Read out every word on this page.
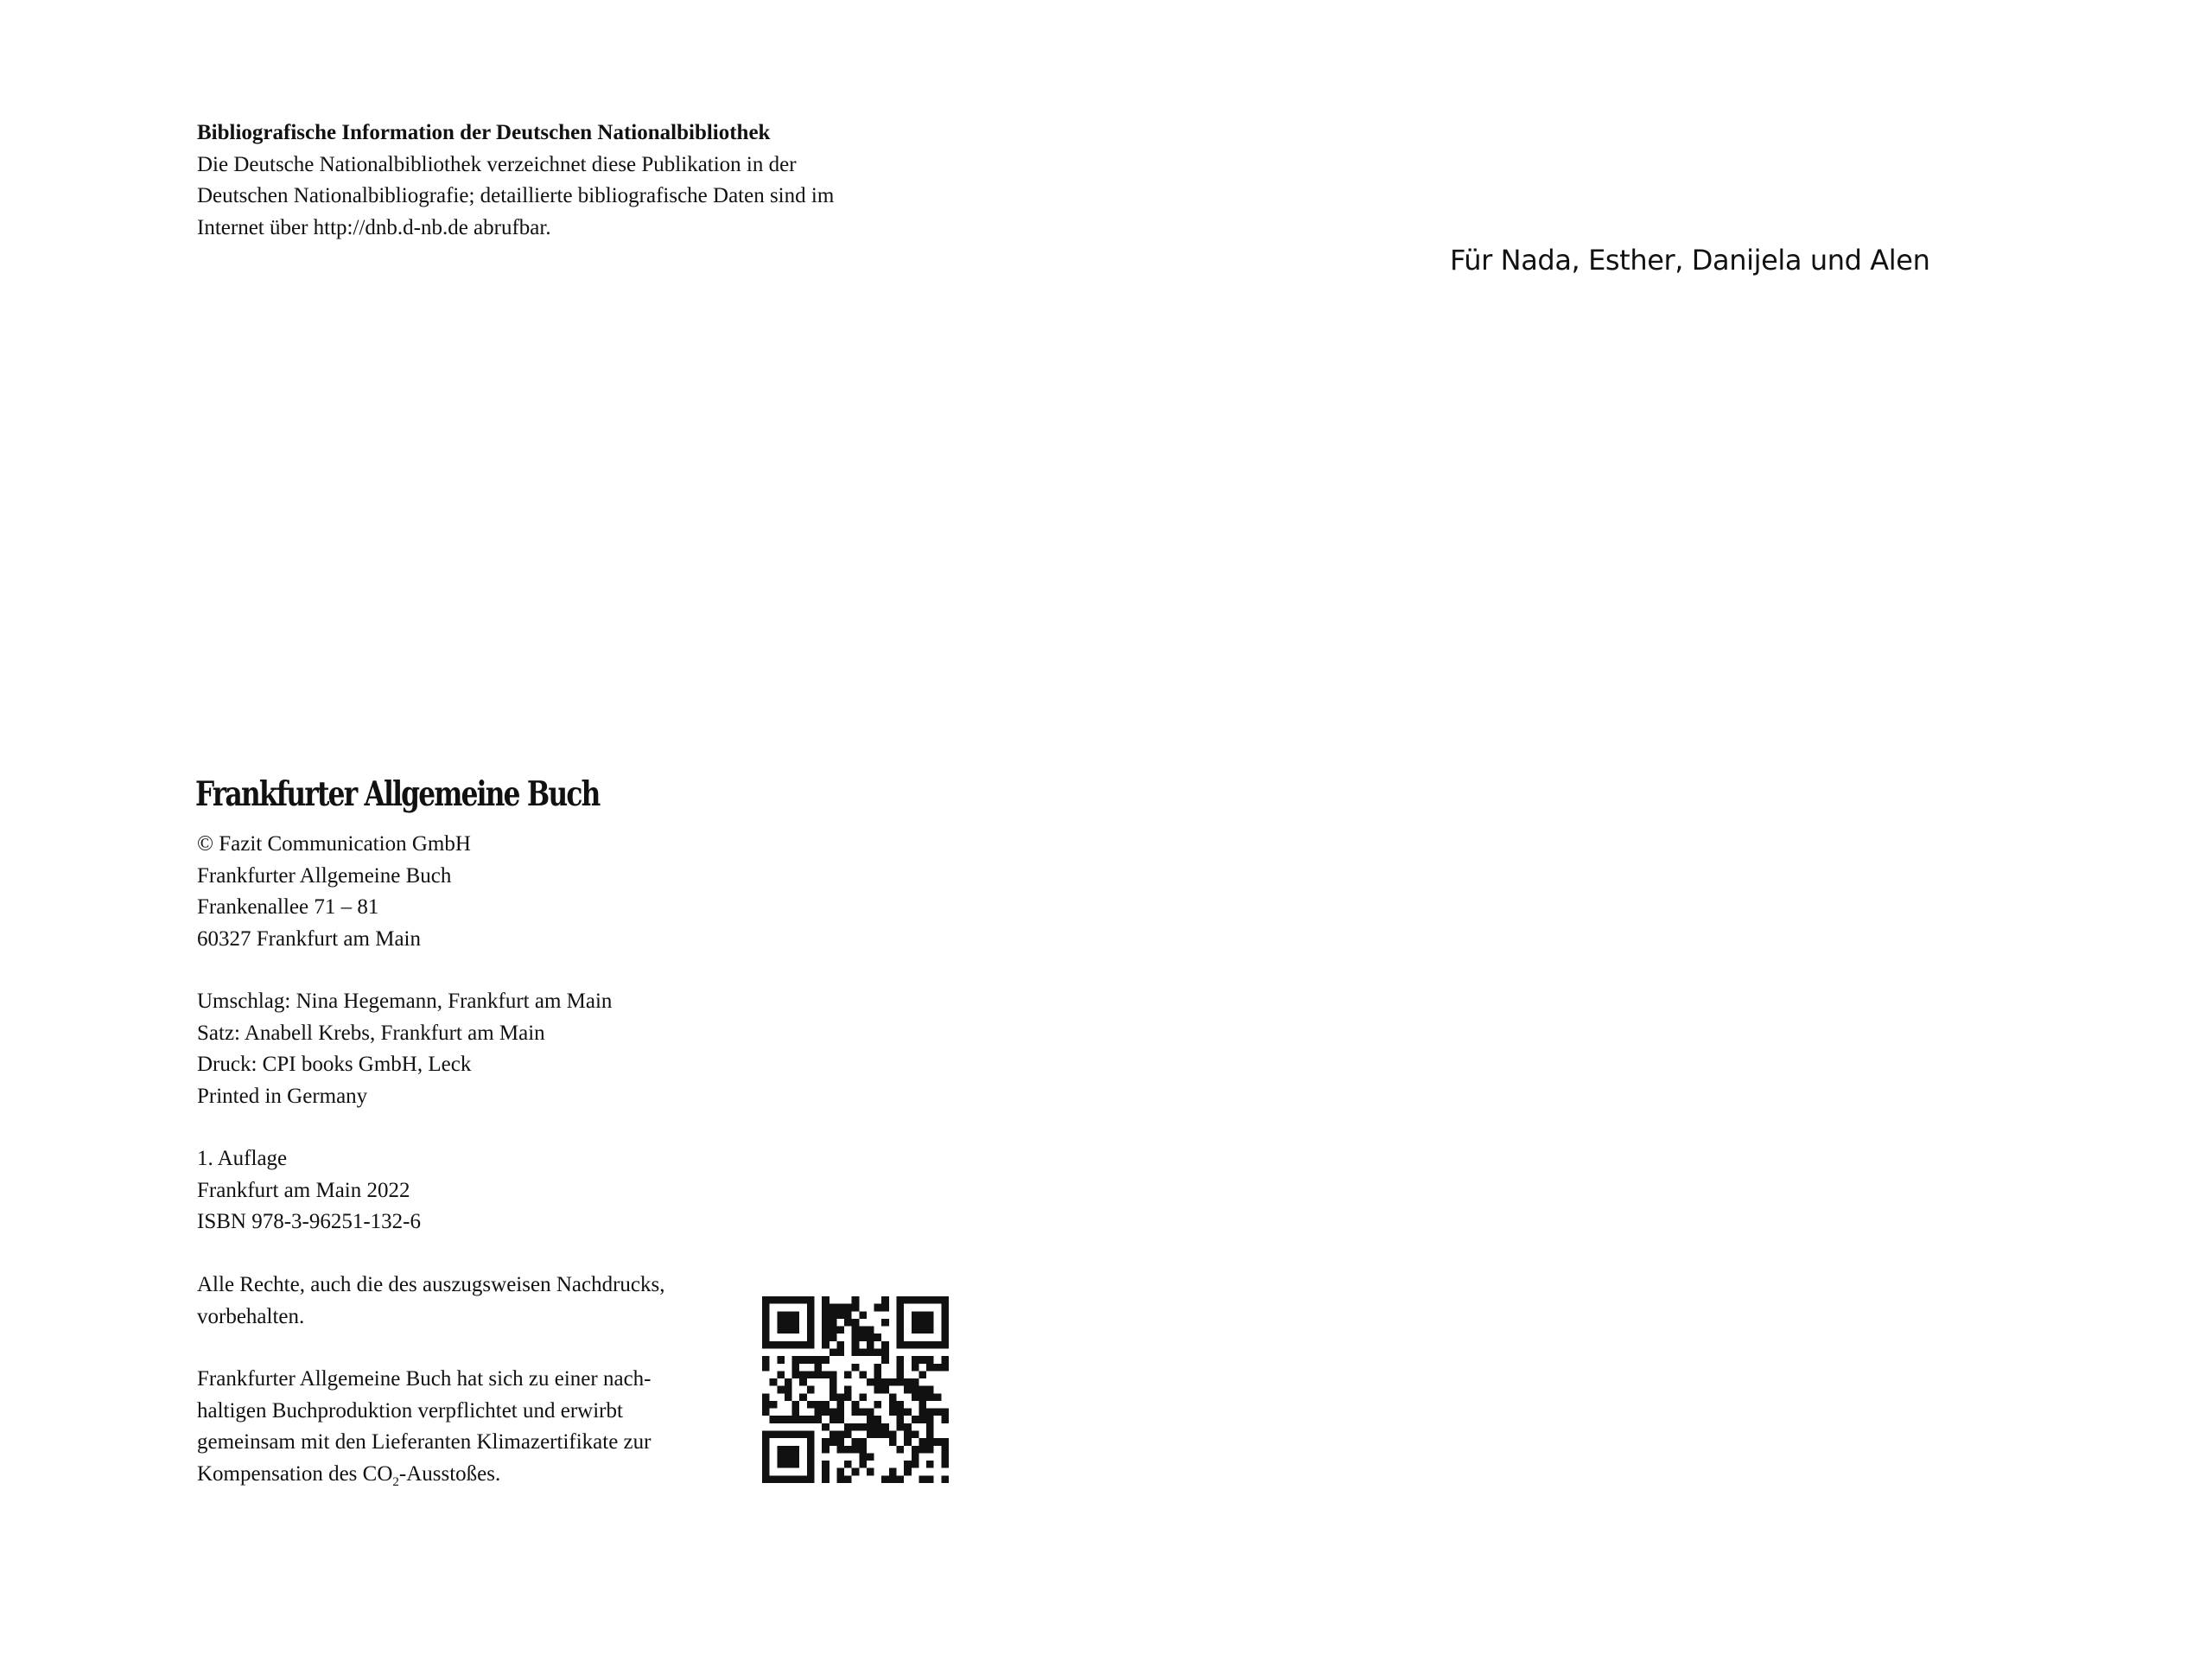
Bibliografische Information der Deutschen Nationalbibliothek
Die Deutsche Nationalbibliothek verzeichnet diese Publikation in der
Deutschen Nationalbibliografie; detaillierte bibliografische Daten sind im
Internet über http://dnb.d-nb.de abrufbar.
Frankfurter Allgemeine Buch
© Fazit Communication GmbH
Frankfurter Allgemeine Buch
Frankenallee 71 – 81
60327 Frankfurt am Main
Umschlag: Nina Hegemann, Frankfurt am Main
Satz: Anabell Krebs, Frankfurt am Main
Druck: CPI books GmbH, Leck
Printed in Germany
1. Auflage
Frankfurt am Main 2022
ISBN 978-3-96251-132-6
Alle Rechte, auch die des auszugsweisen Nachdrucks,
vorbehalten.
Frankfurter Allgemeine Buch hat sich zu einer nach-
haltigen Buchproduktion verpflichtet und erwirbt
gemeinsam mit den Lieferanten Klimazertifikate zur
Kompensation des $CO_2$-Ausstoßes.
Für Nada, Esther, Danijela und Alen
